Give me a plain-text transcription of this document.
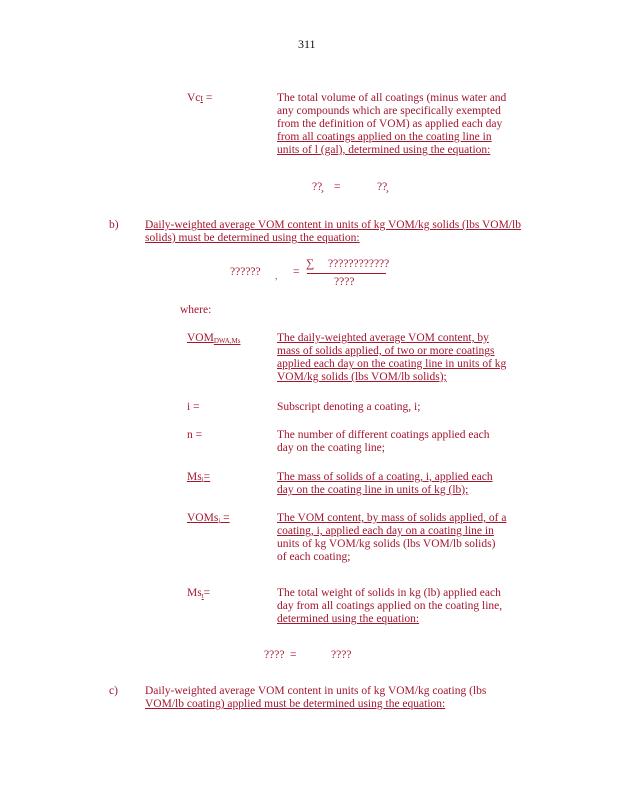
311
Vct =	The total volume of all coatings (minus water and
any compounds which are specifically exempted
from the definition of VOM) as applied each day
from all coatings applied on the coating line in
units of l (gal), determined using the equation:
??̧ =	??̧
b) Daily-weighted average VOM content in units of kg VOM/kg solids (lbs VOM/lb
solids) must be determined using the equation:
?????? , =
∑ ????????????
????
where:
$VOM_{DWA,Ms}$	The daily-weighted average VOM content, by
mass of solids applied, of two or more coatings
applied each day on the coating line in units of kg
VOM/kg solids (lbs VOM/lb solids);
i =	Subscript denoting a coating, i;
n =	The number of different coatings applied each
day on the coating line;
$Ms_i=$	The mass of solids of a coating, i, applied each
day on the coating line in units of kg (lb);
VOMs$_i$ =	The VOM content, by mass of solids applied, of a
coating, i, applied each day on a coating line in
units of kg VOM/kg solids (lbs VOM/lb solids)
of each coating;
$Ms_t=$	The total weight of solids in kg (lb) applied each
day from all coatings applied on the coating line,
determined using the equation:
???? =	????
c) Daily-weighted average VOM content in units of kg VOM/kg coating (lbs
VOM/lb coating) applied must be determined using the equation:
